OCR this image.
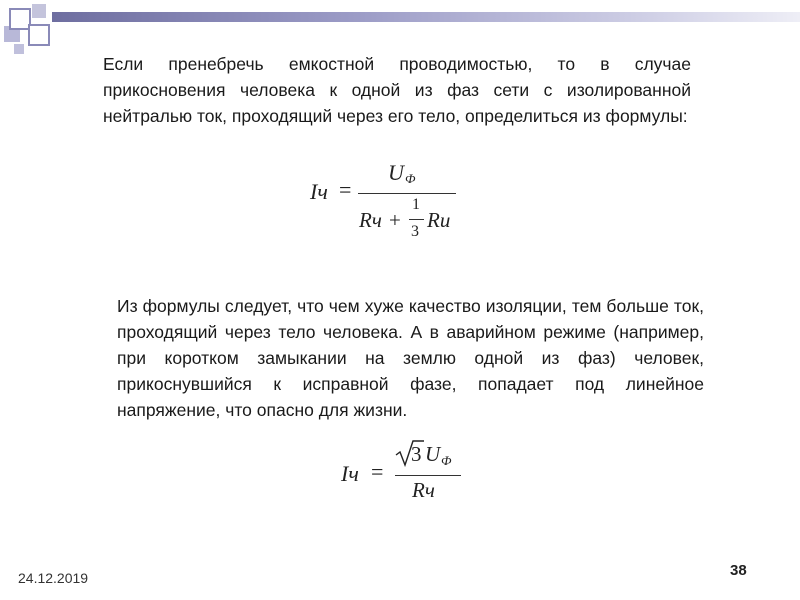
Если пренебречь емкостной проводимостью, то в случае прикосновения человека к одной из фаз сети с изолированной нейтралью ток, проходящий через его тело, определиться из формулы:

Iч =
U Ф
Rч +
1
3 Rи

Из формулы следует, что чем хуже качество изоляции, тем больше ток, проходящий через тело человека. А в аварийном режиме (например, при коротком замыкании на землю одной из фаз) человек, прикоснувшийся к исправной фазе, попадает под линейное напряжение, что опасно для жизни.

Iч =
3 U Ф
Rч
24.12.2019	38
